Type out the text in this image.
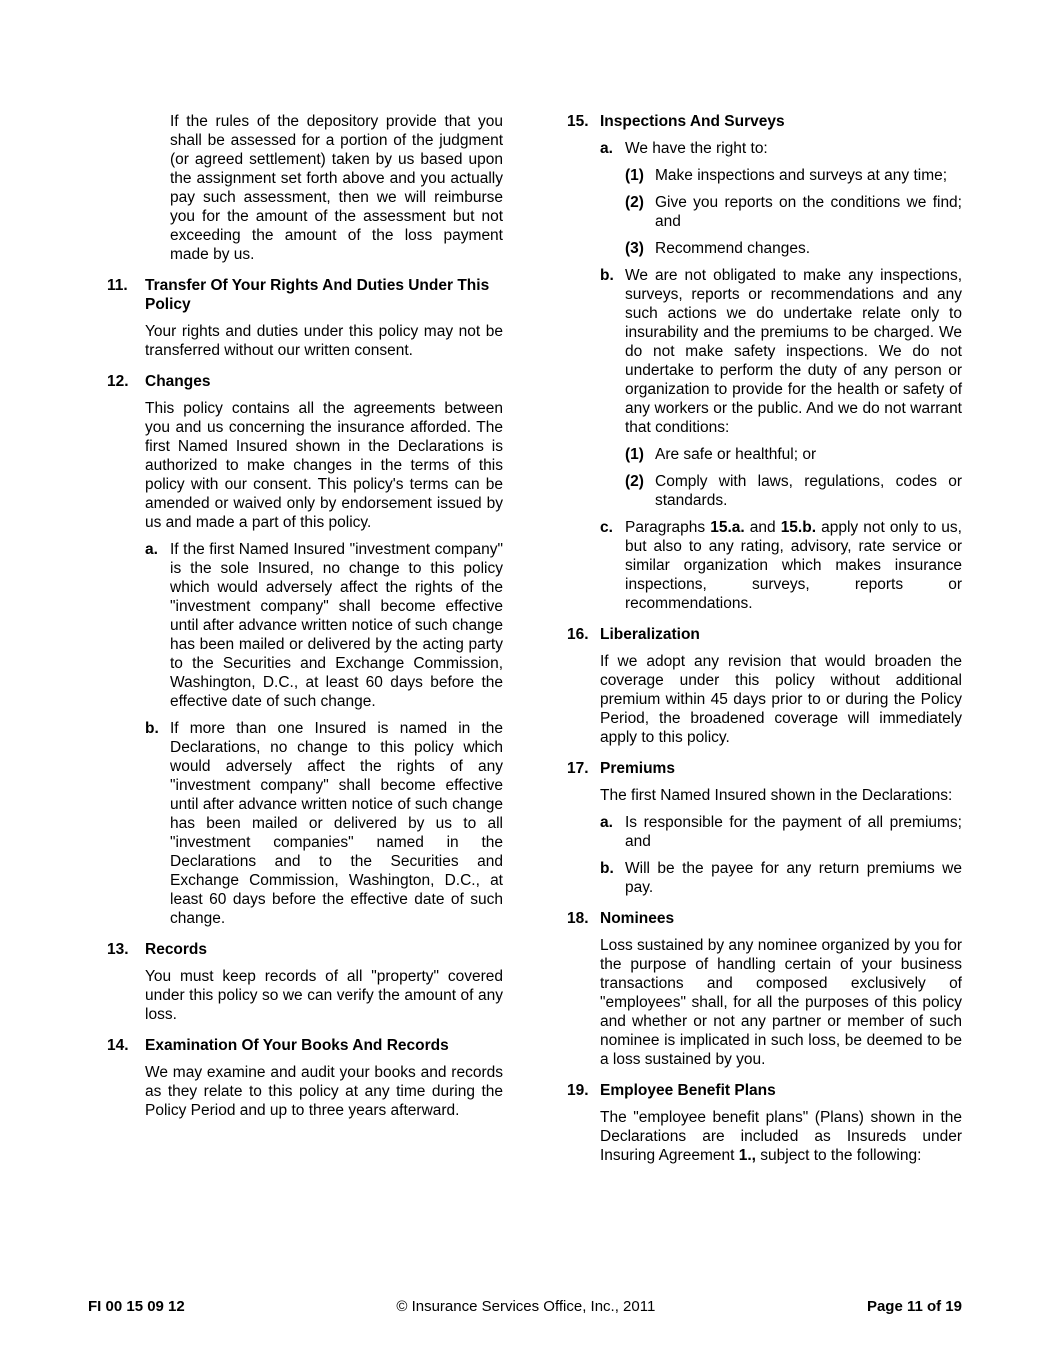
If the rules of the depository provide that you shall be assessed for a portion of the judgment (or agreed settlement) taken by us based upon the assignment set forth above and you actually pay such assessment, then we will reimburse you for the amount of the assessment but not exceeding the amount of the loss payment made by us.
11.	Transfer Of Your Rights And Duties Under This Policy
Your rights and duties under this policy may not be transferred without our written consent.
12.	Changes
This policy contains all the agreements between you and us concerning the insurance afforded. The first Named Insured shown in the Declarations is authorized to make changes in the terms of this policy with our consent. This policy's terms can be amended or waived only by endorsement issued by us and made a part of this policy.
a. If the first Named Insured "investment company" is the sole Insured, no change to this policy which would adversely affect the rights of the "investment company" shall become effective until after advance written notice of such change has been mailed or delivered by the acting party to the Securities and Exchange Commission, Washington, D.C., at least 60 days before the effective date of such change.
b. If more than one Insured is named in the Declarations, no change to this policy which would adversely affect the rights of any "investment company" shall become effective until after advance written notice of such change has been mailed or delivered by us to all "investment companies" named in the Declarations and to the Securities and Exchange Commission, Washington, D.C., at least 60 days before the effective date of such change.
13.	Records
You must keep records of all "property" covered under this policy so we can verify the amount of any loss.
14.	Examination Of Your Books And Records
We may examine and audit your books and records as they relate to this policy at any time during the Policy Period and up to three years afterward.
15. Inspections And Surveys
a. We have the right to:
(1) Make inspections and surveys at any time;
(2) Give you reports on the conditions we find; and
(3) Recommend changes.
b. We are not obligated to make any inspections, surveys, reports or recommendations and any such actions we do undertake relate only to insurability and the premiums to be charged. We do not make safety inspections. We do not undertake to perform the duty of any person or organization to provide for the health or safety of any workers or the public. And we do not warrant that conditions:
(1) Are safe or healthful; or
(2) Comply with laws, regulations, codes or standards.
c. Paragraphs 15.a. and 15.b. apply not only to us, but also to any rating, advisory, rate service or similar organization which makes insurance inspections, surveys, reports or recommendations.
16. Liberalization
If we adopt any revision that would broaden the coverage under this policy without additional premium within 45 days prior to or during the Policy Period, the broadened coverage will immediately apply to this policy.
17. Premiums
The first Named Insured shown in the Declarations:
a. Is responsible for the payment of all premiums; and
b. Will be the payee for any return premiums we pay.
18. Nominees
Loss sustained by any nominee organized by you for the purpose of handling certain of your business transactions and composed exclusively of "employees" shall, for all the purposes of this policy and whether or not any partner or member of such nominee is implicated in such loss, be deemed to be a loss sustained by you.
19. Employee Benefit Plans
The "employee benefit plans" (Plans) shown in the Declarations are included as Insureds under Insuring Agreement 1., subject to the following:
FI 00 15 09 12	© Insurance Services Office, Inc., 2011	Page 11 of 19
